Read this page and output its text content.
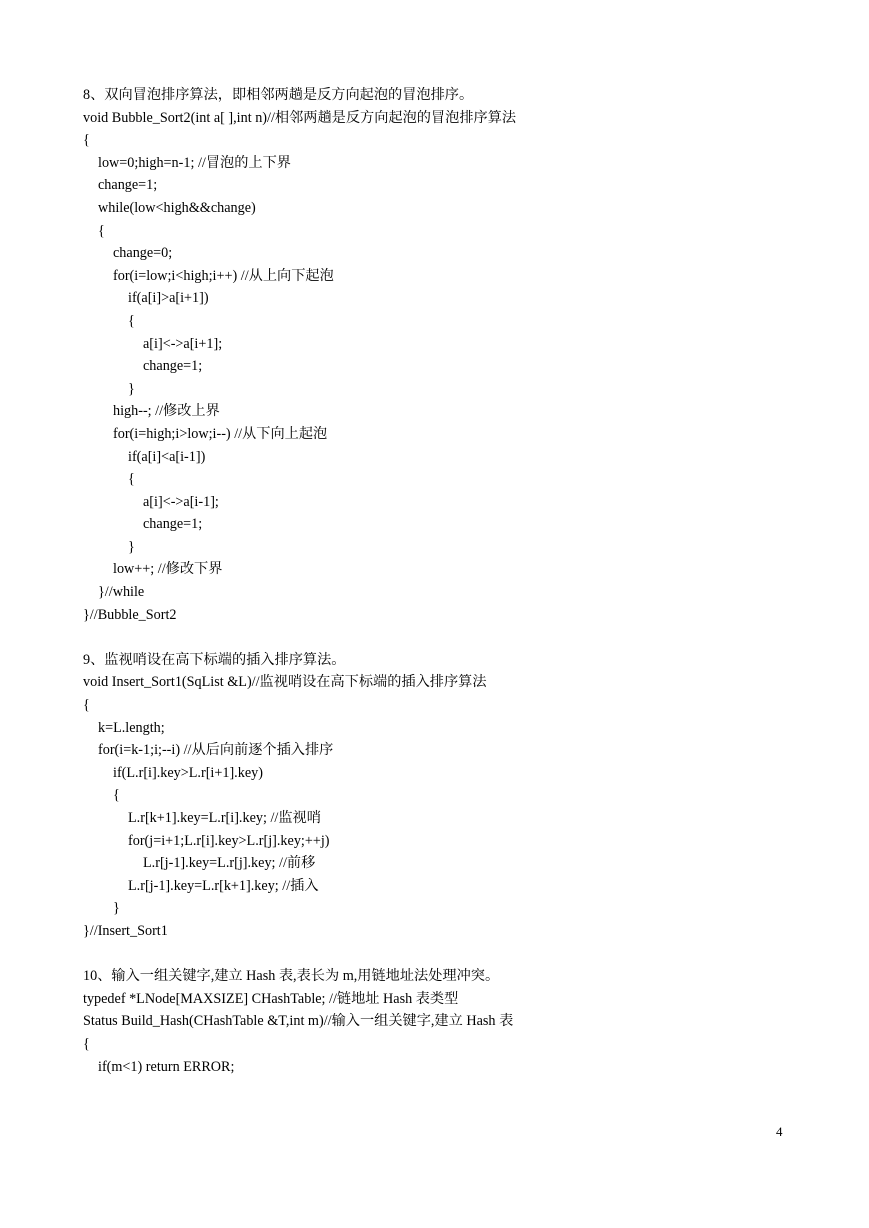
8、双向冒泡排序算法，即相邻两趟是反方向起泡的冒泡排序。
void Bubble_Sort2(int a[ ],int n)//相邻两趟是反方向起泡的冒泡排序算法
{
low=0;high=n-1; //冒泡的上下界
change=1;
while(low<high&&change)
{
change=0;
for(i=low;i<high;i++) //从上向下起泡
if(a[i]>a[i+1])
{
a[i]<->a[i+1];
change=1;
}
high--; //修改上界
for(i=high;i>low;i--) //从下向上起泡
if(a[i]<a[i-1])
{
a[i]<->a[i-1];
change=1;
}
low++; //修改下界
}//while
}//Bubble_Sort2
9、监视哨设在高下标端的插入排序算法。
void Insert_Sort1(SqList &L)//监视哨设在高下标端的插入排序算法
{
k=L.length;
for(i=k-1;i;--i) //从后向前逐个插入排序
if(L.r[i].key>L.r[i+1].key)
{
L.r[k+1].key=L.r[i].key; //监视哨
for(j=i+1;L.r[i].key>L.r[j].key;++j)
L.r[j-1].key=L.r[j].key; //前移
L.r[j-1].key=L.r[k+1].key; //插入
}
}//Insert_Sort1
10、输入一组关键字,建立 Hash 表,表长为 m,用链地址法处理冲突。
typedef *LNode[MAXSIZE] CHashTable; //链地址 Hash 表类型
Status Build_Hash(CHashTable &T,int m)//输入一组关键字,建立 Hash 表
{
if(m<1) return ERROR;
4
